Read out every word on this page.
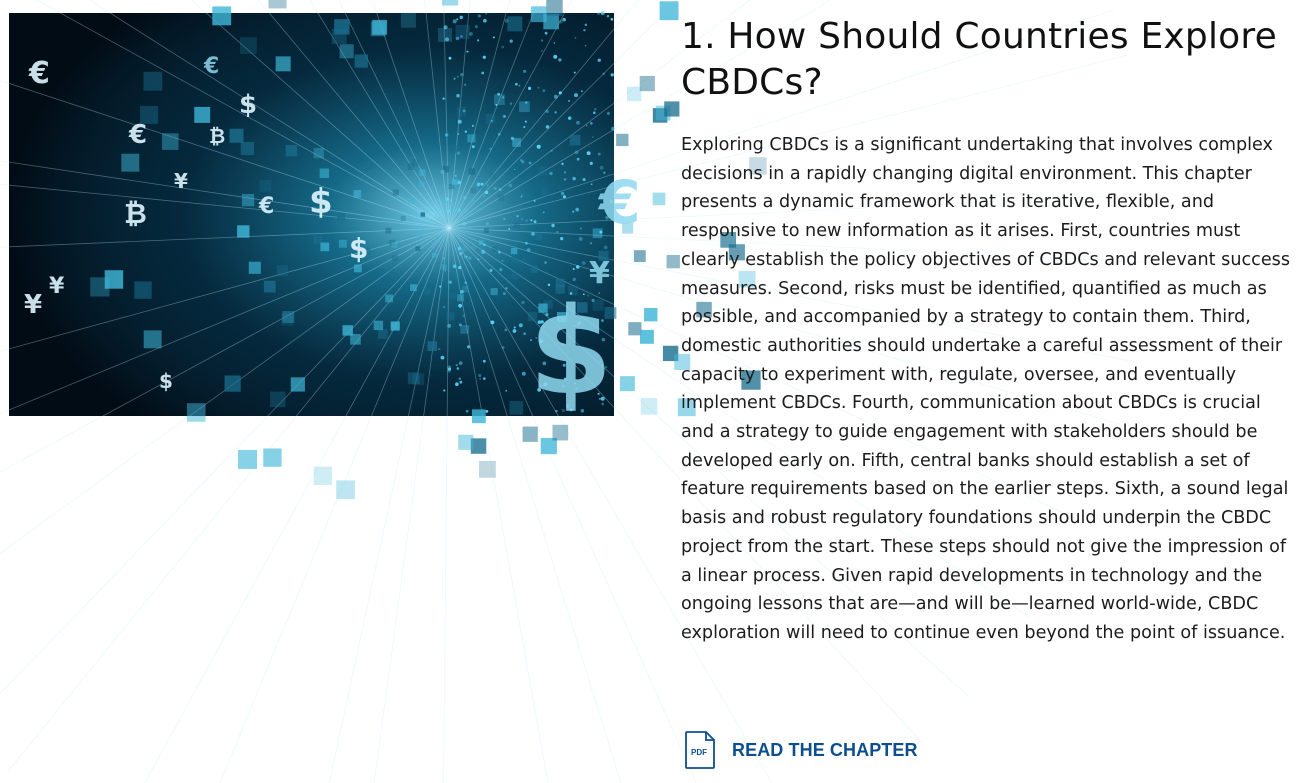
$
€
¥
₿
$
€
¥
$
€
₿
¥
$
€
$
¥
€
1. How Should Countries Explore CBDCs?

Exploring CBDCs is a significant undertaking that involves complex decisions in a rapidly changing digital environment. This chapter presents a dynamic framework that is iterative, flexible, and responsive to new information as it arises. First, countries must clearly establish the policy objectives of CBDCs and relevant success measures. Second, risks must be identified, quantified as much as possible, and accompanied by a strategy to contain them. Third, domestic authorities should undertake a careful assessment of their capacity to experiment with, regulate, oversee, and eventually implement CBDCs. Fourth, communication about CBDCs is crucial and a strategy to guide engagement with stakeholders should be developed early on. Fifth, central banks should establish a set of feature requirements based on the earlier steps. Sixth, a sound legal basis and robust regulatory foundations should underpin the CBDC project from the start. These steps should not give the impression of a linear process. Given rapid developments in technology and the ongoing lessons that are—and will be—learned world-wide, CBDC exploration will need to continue even beyond the point of issuance.

PDF READ THE CHAPTER
